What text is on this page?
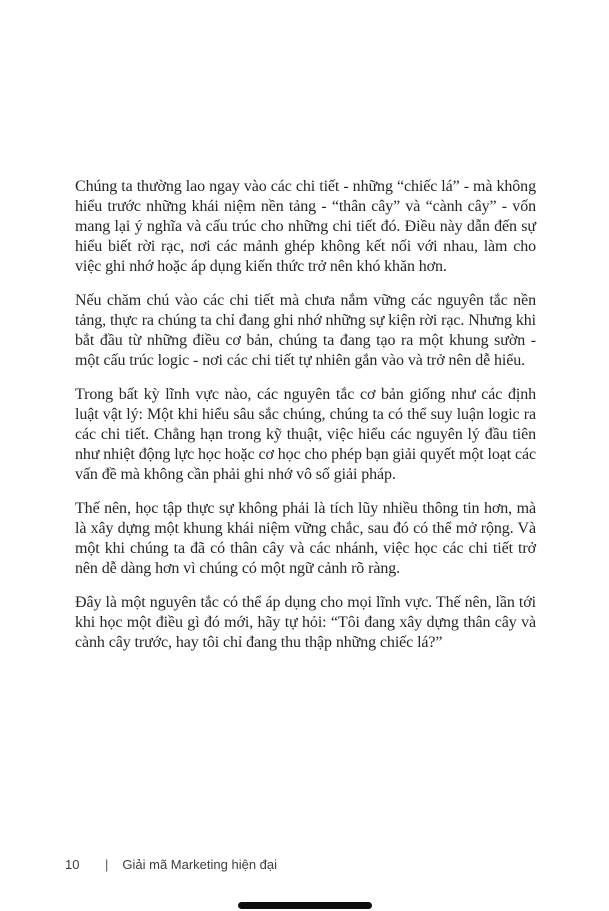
Chúng ta thường lao ngay vào các chi tiết - những “chiếc lá” - mà không hiểu trước những khái niệm nền tảng - “thân cây” và “cành cây” - vốn mang lại ý nghĩa và cấu trúc cho những chi tiết đó. Điều này dẫn đến sự hiểu biết rời rạc, nơi các mảnh ghép không kết nối với nhau, làm cho việc ghi nhớ hoặc áp dụng kiến thức trở nên khó khăn hơn.

Nếu chăm chú vào các chi tiết mà chưa nắm vững các nguyên tắc nền tảng, thực ra chúng ta chỉ đang ghi nhớ những sự kiện rời rạc. Nhưng khi bắt đầu từ những điều cơ bản, chúng ta đang tạo ra một khung sườn - một cấu trúc logic - nơi các chi tiết tự nhiên gắn vào và trở nên dễ hiểu.

Trong bất kỳ lĩnh vực nào, các nguyên tắc cơ bản giống như các định luật vật lý: Một khi hiểu sâu sắc chúng, chúng ta có thể suy luận logic ra các chi tiết. Chẳng hạn trong kỹ thuật, việc hiểu các nguyên lý đầu tiên như nhiệt động lực học hoặc cơ học cho phép bạn giải quyết một loạt các vấn đề mà không cần phải ghi nhớ vô số giải pháp.

Thế nên, học tập thực sự không phải là tích lũy nhiều thông tin hơn, mà là xây dựng một khung khái niệm vững chắc, sau đó có thể mở rộng. Và một khi chúng ta đã có thân cây và các nhánh, việc học các chi tiết trở nên dễ dàng hơn vì chúng có một ngữ cảnh rõ ràng.

Đây là một nguyên tắc có thể áp dụng cho mọi lĩnh vực. Thế nên, lần tới khi học một điều gì đó mới, hãy tự hỏi: “Tôi đang xây dựng thân cây và cành cây trước, hay tôi chỉ đang thu thập những chiếc lá?”

10	| Giải mã Marketing hiện đại
